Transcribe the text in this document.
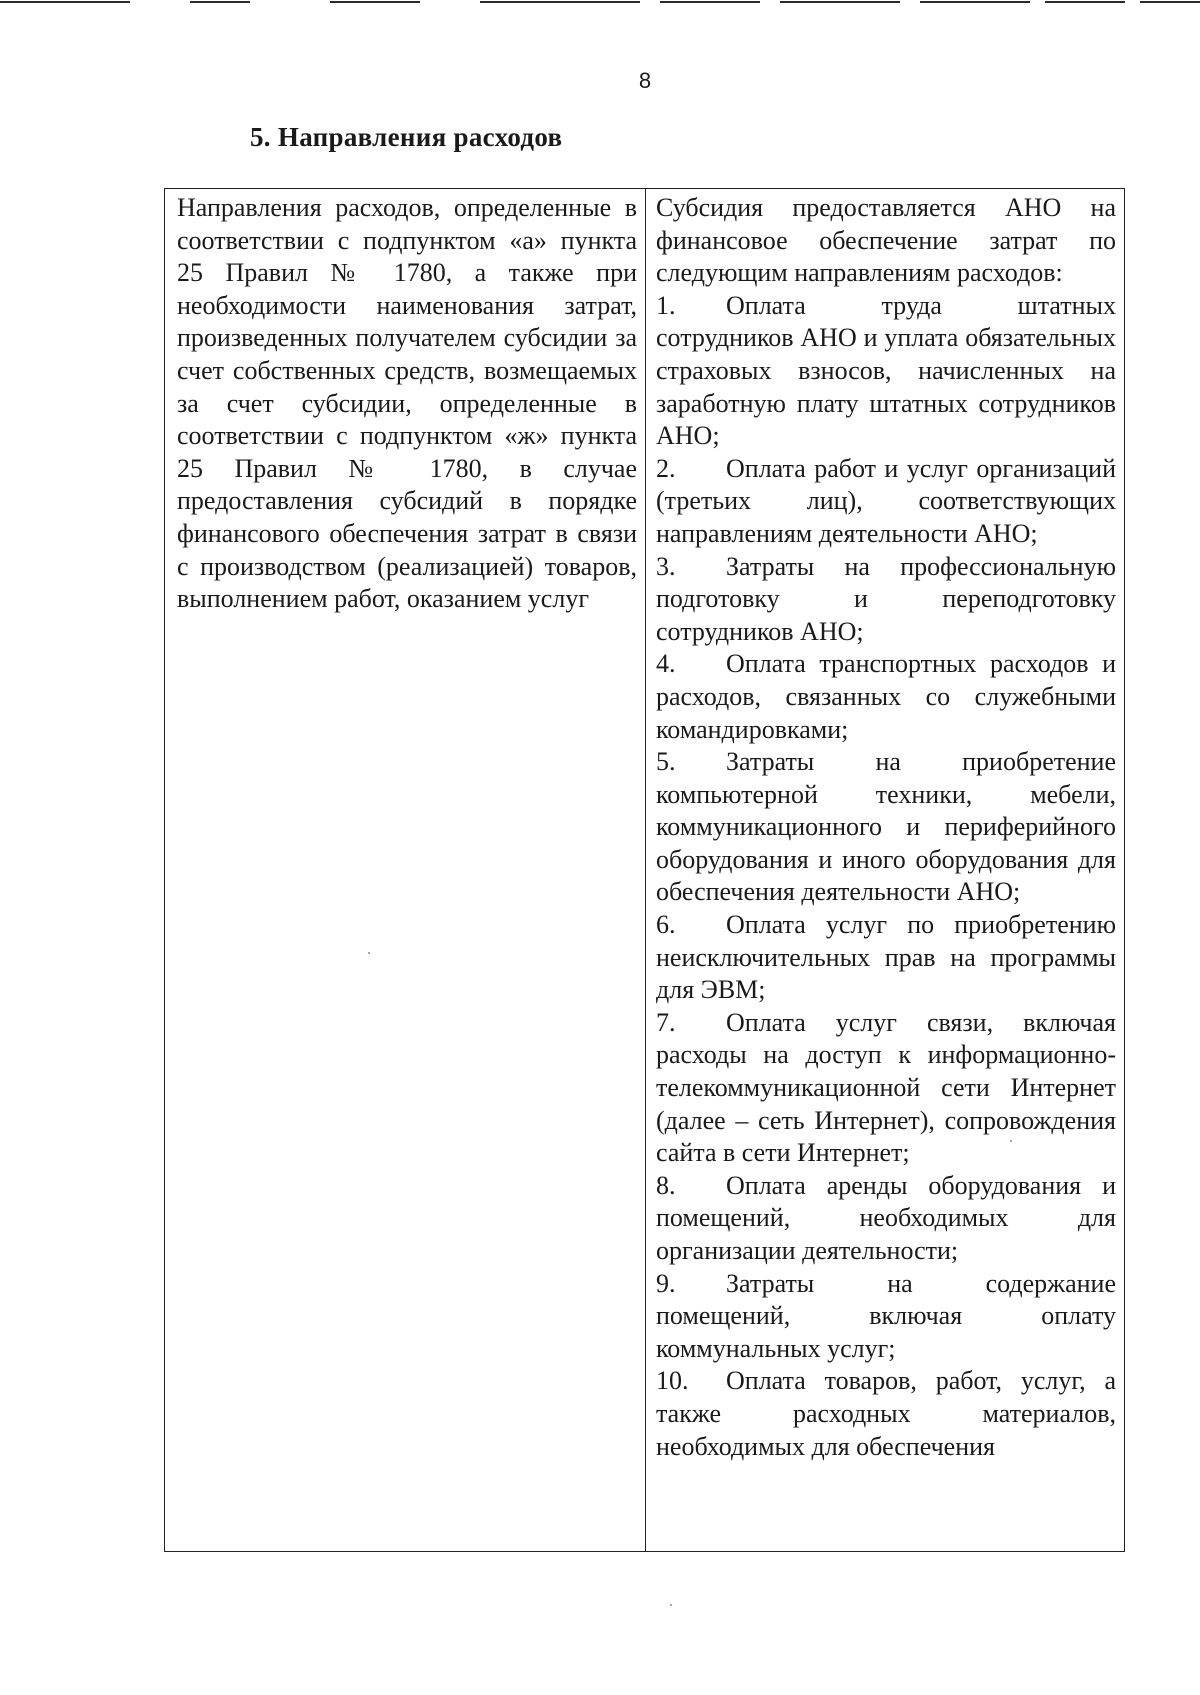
8
5. Направления расходов

Направления расходов, определенные в соответствии с подпунктом «а» пункта 25 Правил № 1780, а также при необходимости наименования затрат, произведенных получателем субсидии за счет собственных средств, возмещаемых за счет субсидии, определенные в соответствии с подпунктом «ж» пункта 25 Правил № 1780, в случае предоставления субсидий в порядке финансового обеспечения затрат в связи с производством (реализацией) товаров, выполнением работ, оказанием услуг

Субсидия предоставляется АНО на финансовое обеспечение затрат по следующим направлениям расходов:

1. Оплата труда штатных сотрудников АНО и уплата обязательных страховых взносов, начисленных на заработную плату штатных сотрудников АНО;
2. Оплата работ и услуг организаций (третьих лиц), соответствующих направлениям деятельности АНО;
3. Затраты на профессиональную подготовку и переподготовку сотрудников АНО;
4. Оплата транспортных расходов и расходов, связанных со служебными командировками;
5. Затраты на приобретение компьютерной техники, мебели, коммуникационного и периферийного оборудования и иного оборудования для обеспечения деятельности АНО;
6. Оплата услуг по приобретению неисключительных прав на программы для ЭВМ;
7. Оплата услуг связи, включая расходы на доступ к информационно-телекоммуникационной сети Интернет (далее – сеть Интернет), сопровождения сайта в сети Интернет;
8. Оплата аренды оборудования и помещений, необходимых для организации деятельности;
9. Затраты на содержание помещений, включая оплату коммунальных услуг;
10. Оплата товаров, работ, услуг, а также расходных материалов, необходимых для обеспечения
